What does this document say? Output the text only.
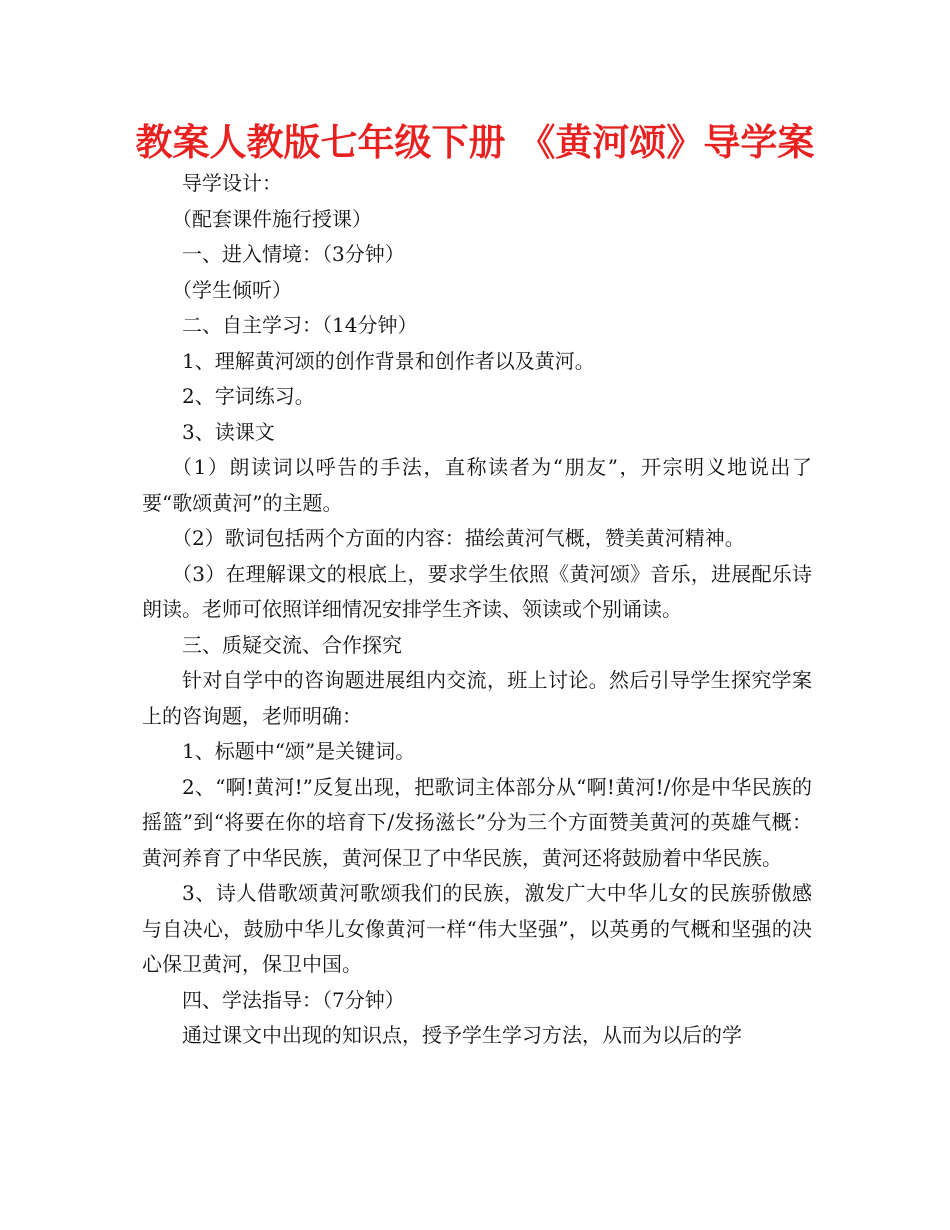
教案人教版七年级下册 《黄河颂》导学案

导学设计：

（配套课件施行授课）

一、进入情境：（3分钟）

（学生倾听）

二、自主学习：（14分钟）

1、理解黄河颂的创作背景和创作者以及黄河。

2、字词练习。

3、读课文

（1）朗读词以呼告的手法，直称读者为“朋友”，开宗明义地说出了要“歌颂黄河”的主题。

（2）歌词包括两个方面的内容：描绘黄河气概，赞美黄河精神。

（3）在理解课文的根底上，要求学生依照《黄河颂》音乐，进展配乐诗朗读。老师可依照详细情况安排学生齐读、领读或个别诵读。

三、质疑交流、合作探究

针对自学中的咨询题进展组内交流，班上讨论。然后引导学生探究学案上的咨询题，老师明确：

1、标题中“颂”是关键词。

2、“啊!黄河!”反复出现，把歌词主体部分从“啊!黄河!/你是中华民族的摇篮”到“将要在你的培育下/发扬滋长”分为三个方面赞美黄河的英雄气概：黄河养育了中华民族，黄河保卫了中华民族，黄河还将鼓励着中华民族。

3、诗人借歌颂黄河歌颂我们的民族，激发广大中华儿女的民族骄傲感与自决心，鼓励中华儿女像黄河一样“伟大坚强”，以英勇的气概和坚强的决心保卫黄河，保卫中国。

四、学法指导：（7分钟）

通过课文中出现的知识点，授予学生学习方法，从而为以后的学
